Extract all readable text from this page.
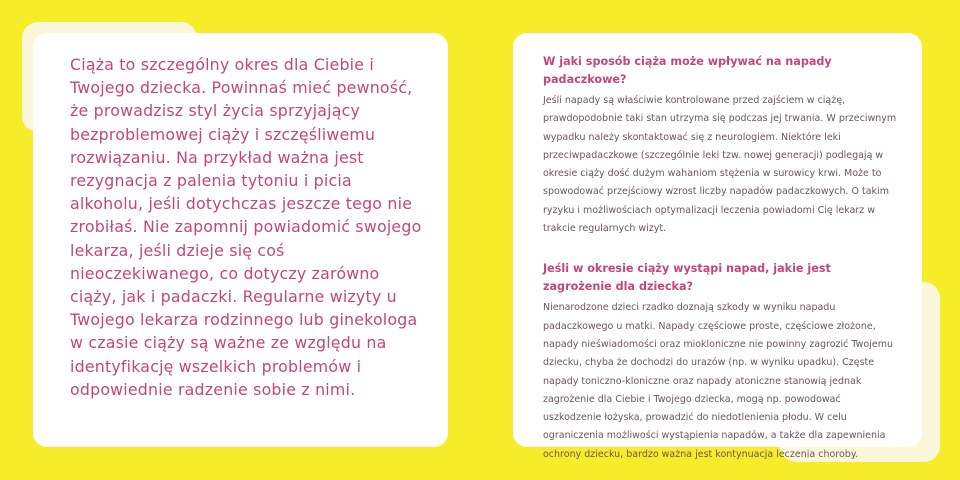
Ciąża to szczególny okres dla Ciebie i Twojego dziecka. Powinnaś mieć pewność, że prowadzisz styl życia sprzyjający bezproblemowej ciąży i szczęśliwemu rozwiązaniu. Na przykład ważna jest rezygnacja z palenia tytoniu i picia alkoholu, jeśli dotychczas jeszcze tego nie zrobiłaś. Nie zapomnij powiadomić swojego lekarza, jeśli dzieje się coś nieoczekiwanego, co dotyczy zarówno ciąży, jak i padaczki. Regularne wizyty u Twojego lekarza rodzinnego lub ginekologa w czasie ciąży są ważne ze względu na identyfikację wszelkich problemów i odpowiednie radzenie sobie z nimi.

W jaki sposób ciąża może wpływać na napady padaczkowe?

Jeśli napady są właściwie kontrolowane przed zajściem w ciążę, prawdopodobnie taki stan utrzyma się podczas jej trwania. W przeciwnym wypadku należy skontaktować się z neurologiem. Niektóre leki przeciwpadaczkowe (szczególnie leki tzw. nowej generacji) podlegają w okresie ciąży dość dużym wahaniom stężenia w surowicy krwi. Może to spowodować przejściowy wzrost liczby napadów padaczkowych. O takim ryzyku i możliwościach optymalizacji leczenia powiadomi Cię lekarz w trakcie regularnych wizyt.

Jeśli w okresie ciąży wystąpi napad, jakie jest zagrożenie dla dziecka?

Nienarodzone dzieci rzadko doznają szkody w wyniku napadu padaczkowego u matki. Napady częściowe proste, częściowe złożone, napady nieświadomości oraz miokloniczne nie powinny zagrozić Twojemu dziecku, chyba że dochodzi do urazów (np. w wyniku upadku). Częste napady toniczno-kloniczne oraz napady atoniczne stanowią jednak zagrożenie dla Ciebie i Twojego dziecka, mogą np. powodować uszkodzenie łożyska, prowadzić do niedotlenienia płodu. W celu ograniczenia możliwości wystąpienia napadów, a także dla zapewnienia ochrony dziecku, bardzo ważna jest kontynuacja leczenia choroby.
